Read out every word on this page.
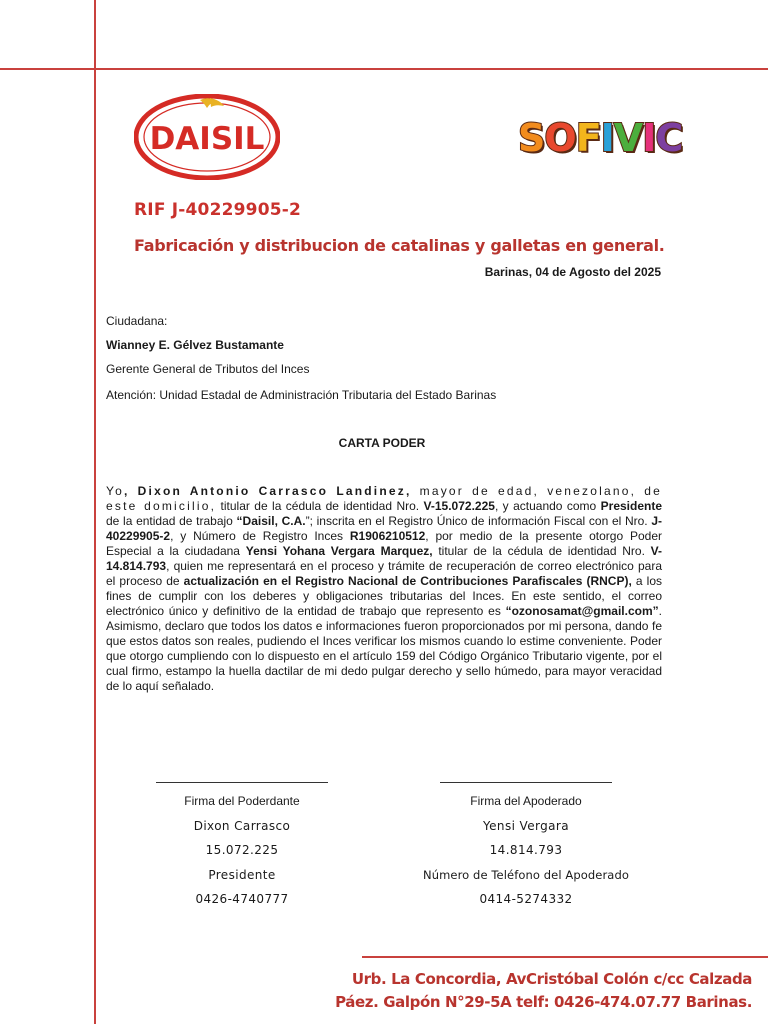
DAISIL	S O F I V I C
RIF J-40229905-2
Fabricación y distribucion de catalinas y galletas en general.
Barinas, 04 de Agosto del 2025
Ciudadana:
Wianney E. Gélvez Bustamante
Gerente General de Tributos del Inces
Atención: Unidad Estadal de Administración Tributaria del Estado Barinas
CARTA PODER
Yo, Dixon Antonio Carrasco Landinez, mayor de edad, venezolano, de este domicilio, titular de la cédula de identidad Nro. V-15.072.225, y actuando como Presidente de la entidad de trabajo “Daisil, C.A.”; inscrita en el Registro Único de información Fiscal con el Nro. J-40229905-2, y Número de Registro Inces R1906210512, por medio de la presente otorgo Poder Especial a la ciudadana Yensi Yohana Vergara Marquez, titular de la cédula de identidad Nro. V-14.814.793, quien me representará en el proceso y trámite de recuperación de correo electrónico para el proceso de actualización en el Registro Nacional de Contribuciones Parafiscales (RNCP), a los fines de cumplir con los deberes y obligaciones tributarias del Inces. En este sentido, el correo electrónico único y definitivo de la entidad de trabajo que represento es “ozonosamat@gmail.com”. Asimismo, declaro que todos los datos e informaciones fueron proporcionados por mi persona, dando fe que estos datos son reales, pudiendo el Inces verificar los mismos cuando lo estime conveniente. Poder que otorgo cumpliendo con lo dispuesto en el artículo 159 del Código Orgánico Tributario vigente, por el cual firmo, estampo la huella dactilar de mi dedo pulgar derecho y sello húmedo, para mayor veracidad de lo aquí señalado.
Firma del Poderdante
Dixon Carrasco
15.072.225
Presidente
0426-4740777
Firma del Apoderado
Yensi Vergara
14.814.793
Número de Teléfono del Apoderado
0414-5274332
Urb. La Concordia, AvCristóbal Colón c/cc Calzada
Páez. Galpón N°29-5A telf: 0426-474.07.77 Barinas.
